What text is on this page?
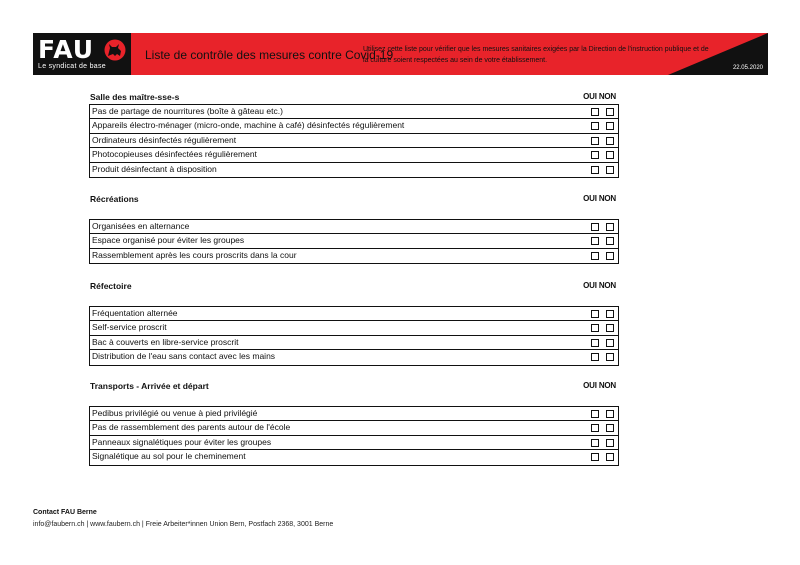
FAU
Le syndicat de base
Liste de contrôle des mesures contre Covid-19
Utilisez cette liste pour vérifier que les mesures sanitaires exigées par la Direction de l'instruction publique et de la culture soient respectées au sein de votre établissement.
22.05.2020
Salle des maître-sse-s	OUI NON
Pas de partage de nourritures (boîte à gâteau etc.)
Appareils électro-ménager (micro-onde, machine à café) désinfectés régulièrement
Ordinateurs désinfectés régulièrement
Photocopieuses désinfectées régulièrement
Produit désinfectant à disposition
Récréations	OUI NON
Organisées en alternance
Espace organisé pour éviter les groupes
Rassemblement après les cours proscrits dans la cour
Réfectoire	OUI NON
Fréquentation alternée
Self-service proscrit
Bac à couverts en libre-service proscrit
Distribution de l'eau sans contact avec les mains
Transports - Arrivée et départ	OUI NON
Pedibus privilégié ou venue à pied privilégié
Pas de rassemblement des parents autour de l'école
Panneaux signalétiques pour éviter les groupes
Signalétique au sol pour le cheminement
Contact FAU Berne
info@faubern.ch | www.faubern.ch | Freie Arbeiter*innen Union Bern, Postfach 2368, 3001 Berne
